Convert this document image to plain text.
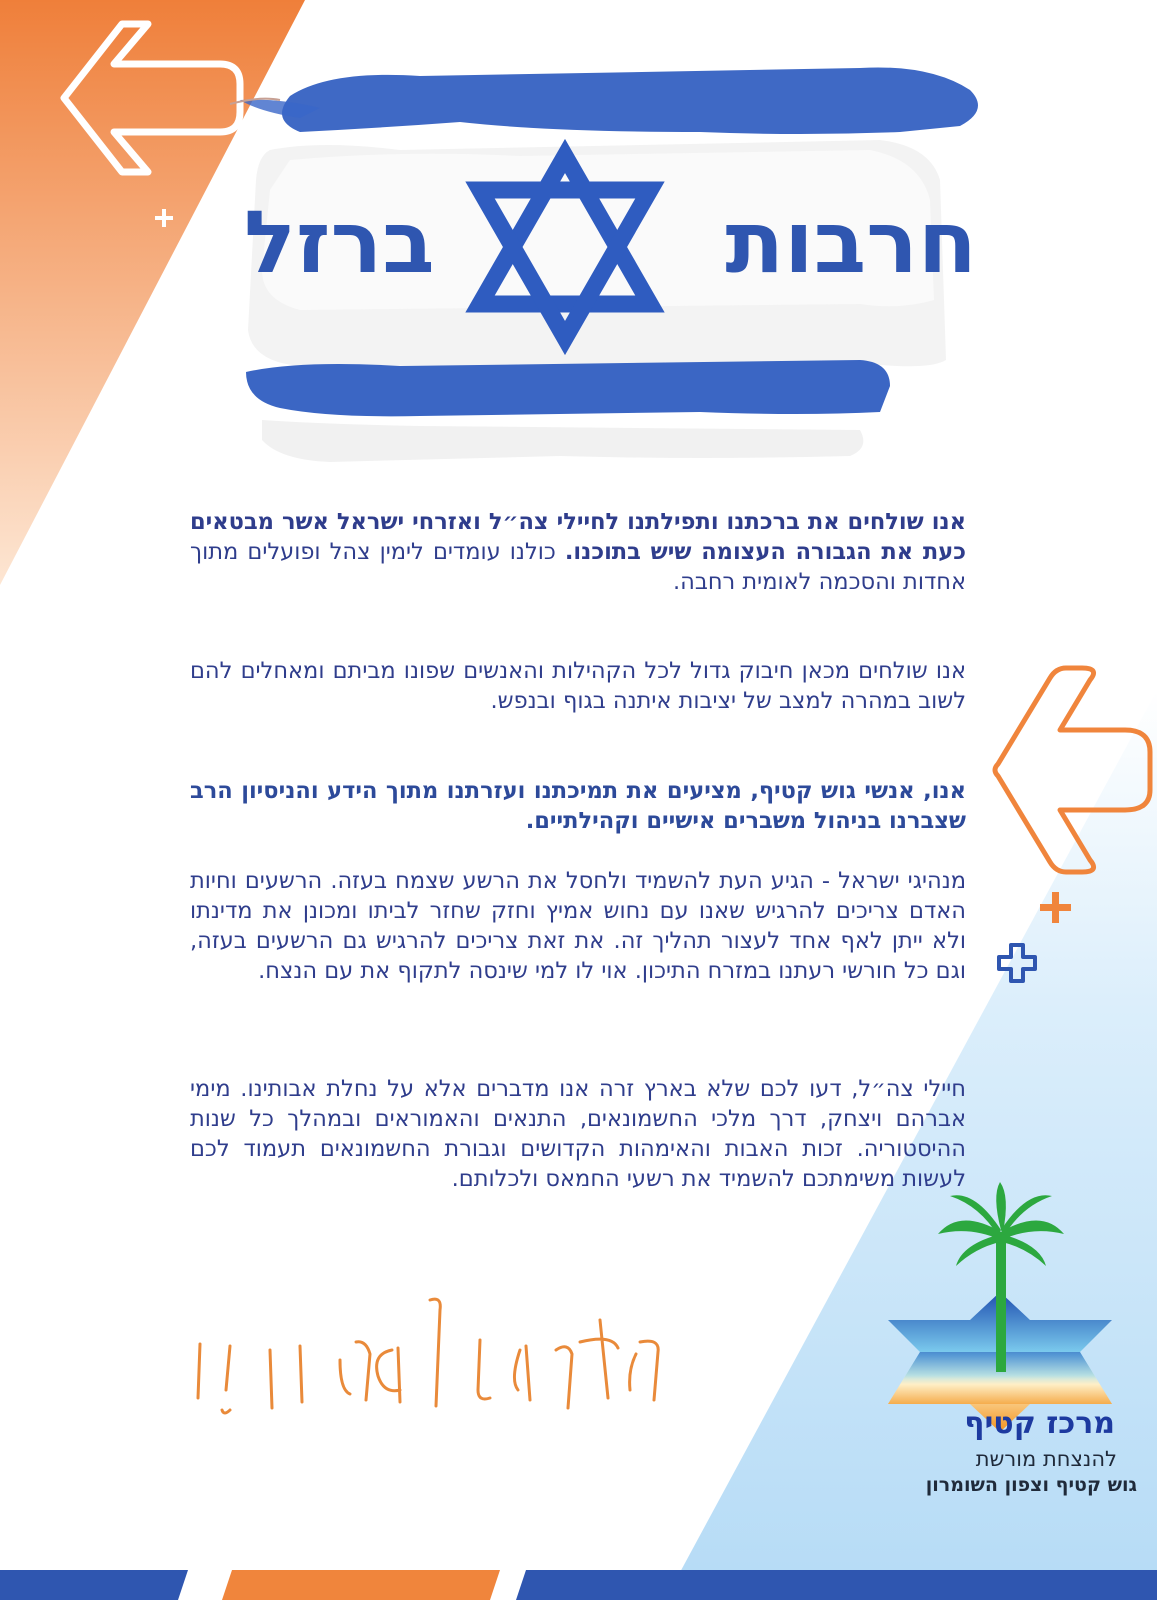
חרבות
ברזל

אנו שולחים את ברכתנו ותפילתנו לחיילי צה״ל ואזרחי ישראל אשר מבטאים כעת את הגבורה העצומה שיש בתוכנו. כולנו עומדים לימין צהל ופועלים מתוך אחדות והסכמה לאומית רחבה.

אנו שולחים מכאן חיבוק גדול לכל הקהילות והאנשים שפונו מביתם ומאחלים להם לשוב במהרה למצב של יציבות איתנה בגוף ובנפש.

אנו, אנשי גוש קטיף, מציעים את תמיכתנו ועזרתנו מתוך הידע והניסיון הרב שצברנו בניהול משברים אישיים וקהילתיים.

מנהיגי ישראל - הגיע העת להשמיד ולחסל את הרשע שצמח בעזה. הרשעים וחיות האדם צריכים להרגיש שאנו עם נחוש אמיץ וחזק שחזר לביתו ומכונן את מדינתו ולא ייתן לאף אחד לעצור תהליך זה. את זאת צריכים להרגיש גם הרשעים בעזה, וגם כל חורשי רעתנו במזרח התיכון. אוי לו למי שינסה לתקוף את עם הנצח.

חיילי צה״ל, דעו לכם שלא בארץ זרה אנו מדברים אלא על נחלת אבותינו. מימי אברהם ויצחק, דרך מלכי החשמונאים, התנאים והאמוראים ובמהלך כל שנות ההיסטוריה. זכות האבות והאימהות הקדושים וגבורת החשמונאים תעמוד לכם לעשות משימתכם להשמיד את רשעי החמאס ולכלותם.

מרכז קטיף
להנצחת מורשת
גוש קטיף וצפון השומרון
